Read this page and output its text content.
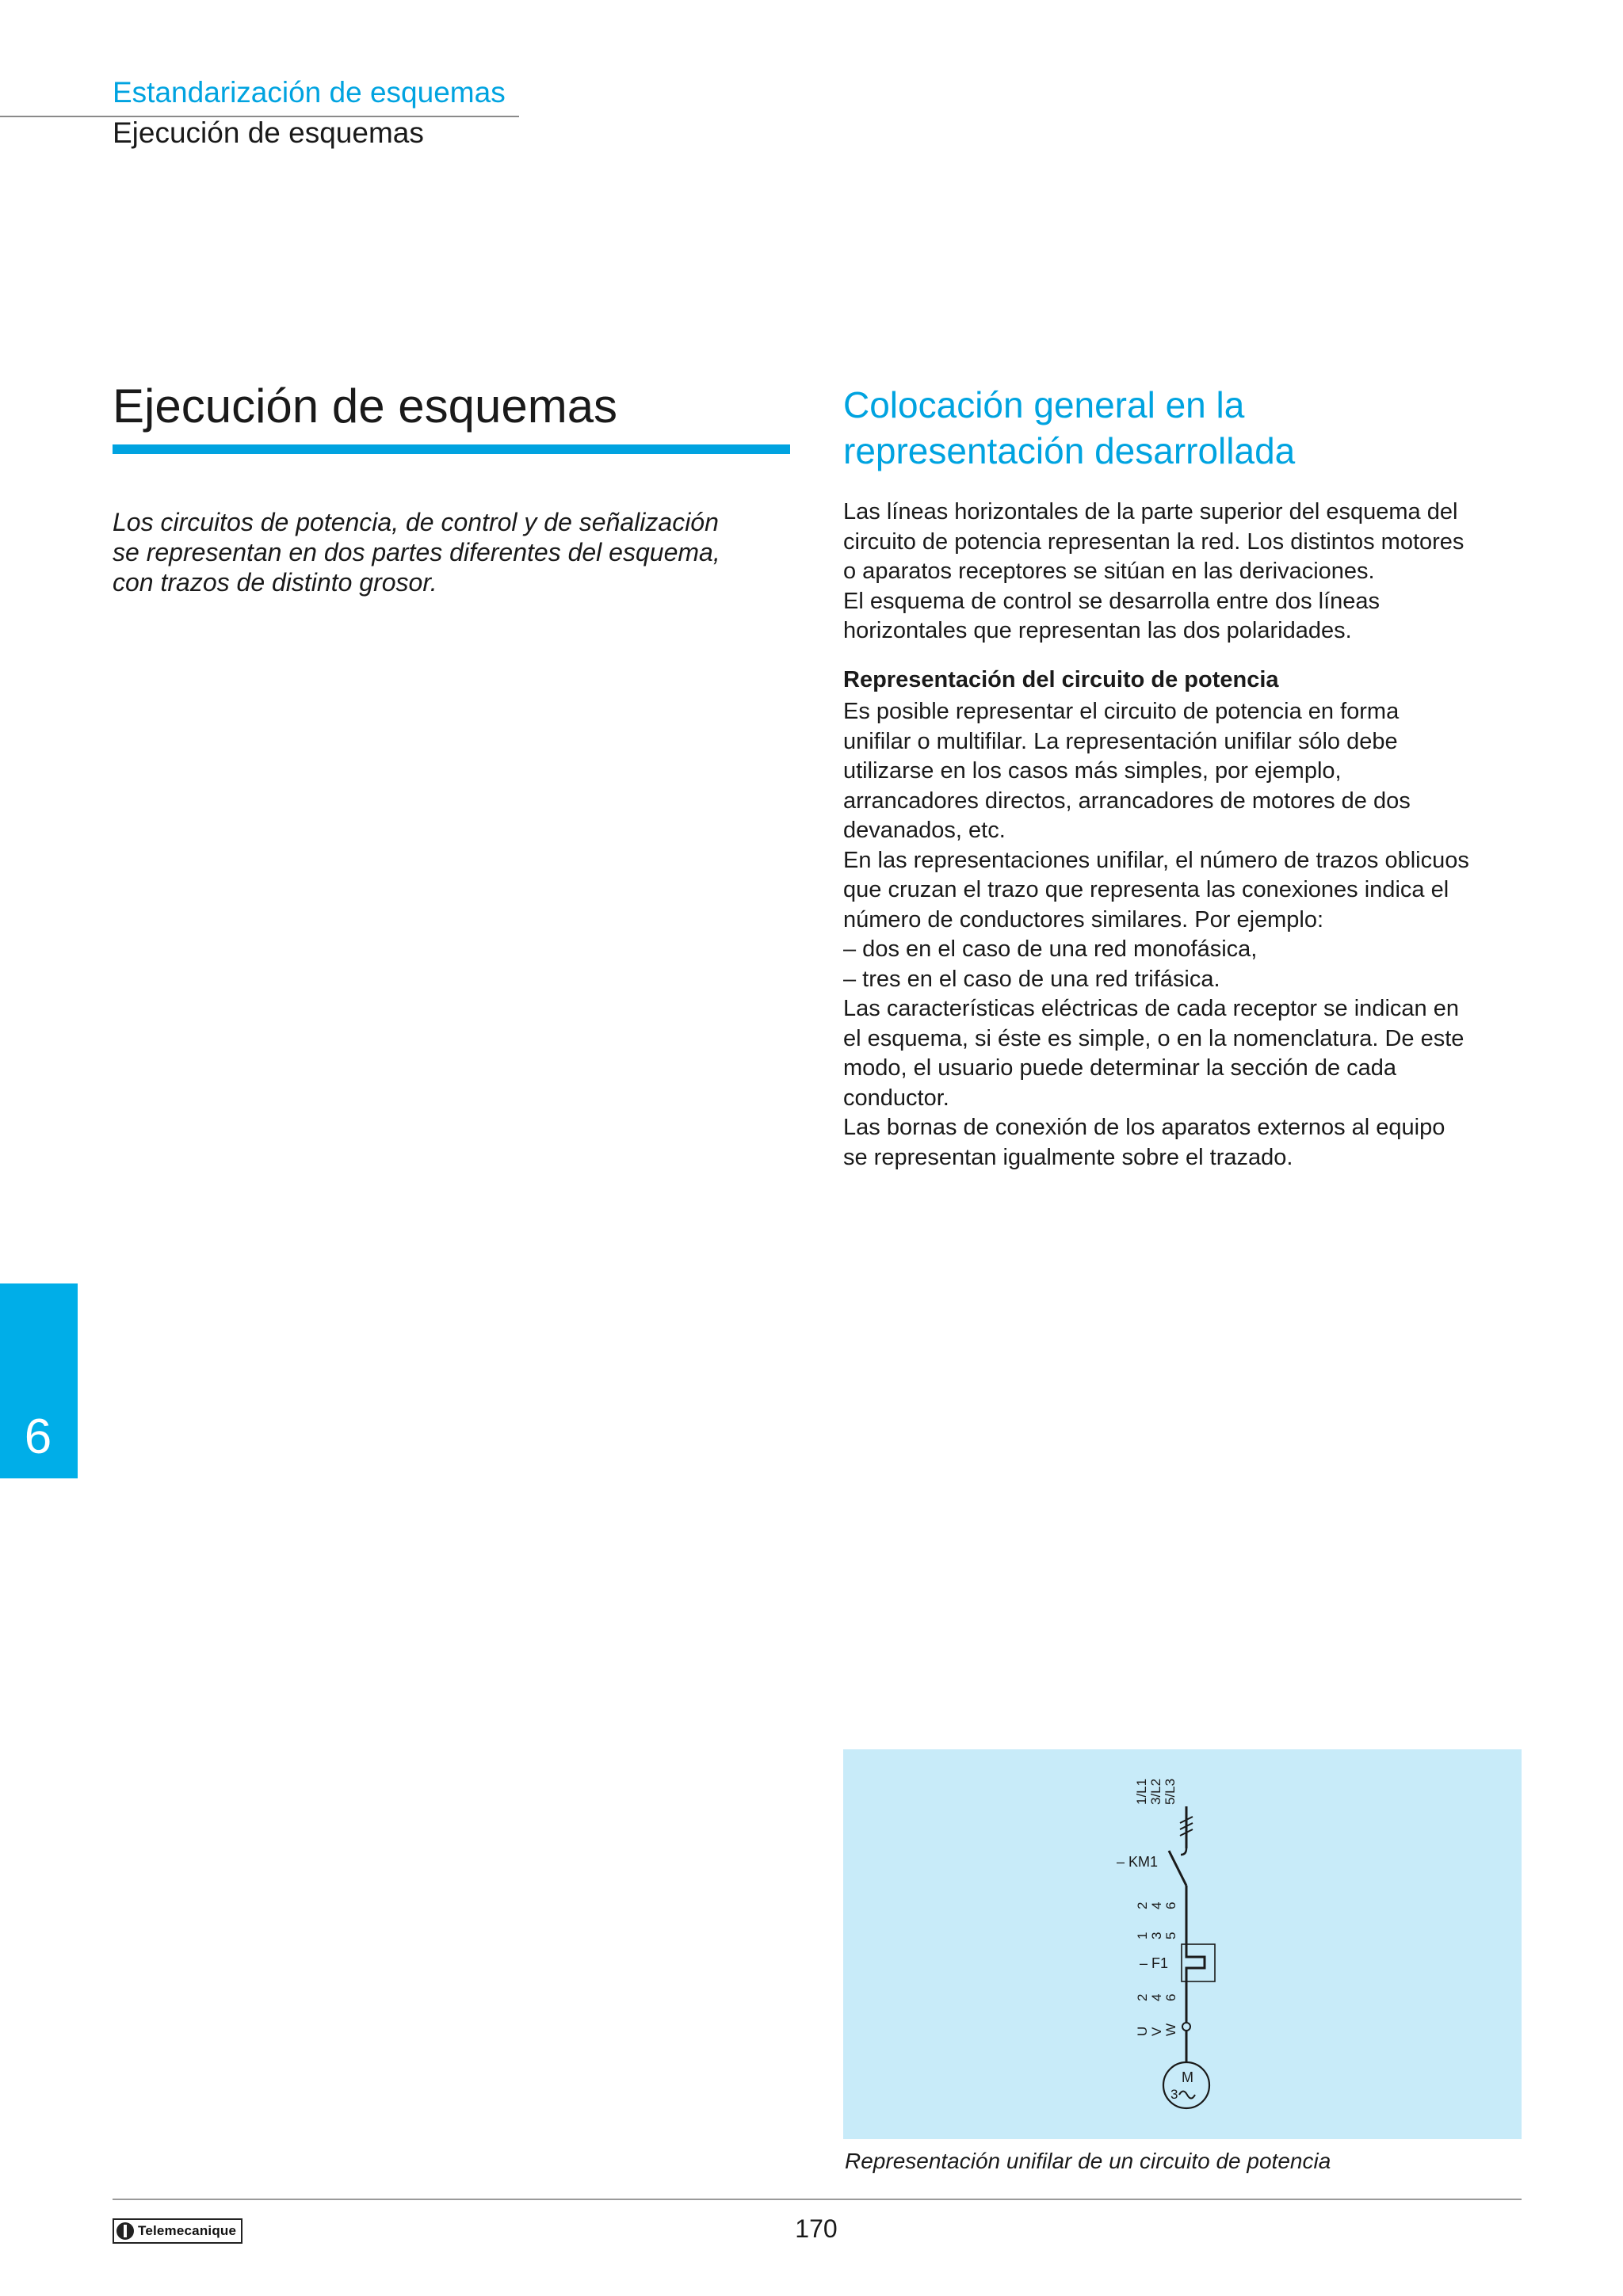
Estandarización de esquemas
Ejecución de esquemas
Ejecución de esquemas
Los circuitos de potencia, de control y de señalización
se representan en dos partes diferentes del esquema,
con trazos de distinto grosor.
Colocación general en la
representación desarrollada
Las líneas horizontales de la parte superior del esquema del
circuito de potencia representan la red. Los distintos motores
o aparatos receptores se sitúan en las derivaciones.
El esquema de control se desarrolla entre dos líneas
horizontales que representan las dos polaridades.
Representación del circuito de potencia
Es posible representar el circuito de potencia en forma
unifilar o multifilar. La representación unifilar sólo debe
utilizarse en los casos más simples, por ejemplo,
arrancadores directos, arrancadores de motores de dos
devanados, etc.
En las representaciones unifilar, el número de trazos oblicuos
que cruzan el trazo que representa las conexiones indica el
número de conductores similares. Por ejemplo:
– dos en el caso de una red monofásica,
– tres en el caso de una red trifásica.
Las características eléctricas de cada receptor se indican en
el esquema, si éste es simple, o en la nomenclatura. De este
modo, el usuario puede determinar la sección de cada
conductor.
Las bornas de conexión de los aparatos externos al equipo
se representan igualmente sobre el trazado.
6
1/L1 3/L2 5/L3
– KM1
2 4 6
1 3 5
– F1
2 4 6
U V W
M
3
Representación unifilar de un circuito de potencia
Telemecanique	170
